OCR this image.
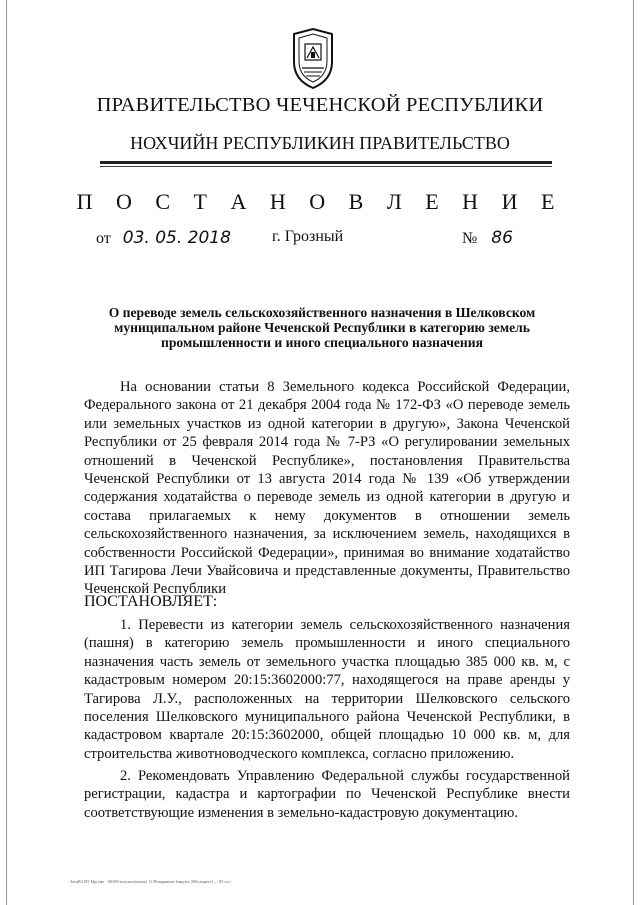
ПРАВИТЕЛЬСТВО ЧЕЧЕНСКОЙ РЕСПУБЛИКИ
НОХЧИЙН РЕСПУБЛИКИН ПРАВИТЕЛЬСТВО
П О С Т А Н О В Л Е Н И Е
от 03. 05. 2018	г. Грозный	№ 86
О переводе земель сельскохозяйственного назначения в Шелковском муниципальном районе Чеченской Республики в категорию земель промышленности и иного специального назначения

На основании статьи 8 Земельного кодекса Российской Федерации, Федерального закона от 21 декабря 2004 года № 172-ФЗ «О переводе земель или земельных участков из одной категории в другую», Закона Чеченской Республики от 25 февраля 2014 года № 7-РЗ «О регулировании земельных отношений в Чеченской Республике», постановления Правительства Чеченской Республики от 13 августа 2014 года № 139 «Об утверждении содержания ходатайства о переводе земель из одной категории в другую и состава прилагаемых к нему документов в отношении земель сельскохозяйственного назначения, за исключением земель, находящихся в собственности Российской Федерации», принимая во внимание ходатайство ИП Тагирова Лечи Увайсовича и представленные документы, Правительство Чеченской Республики

ПОСТАНОВЛЯЕТ:

1. Перевести из категории земель сельскохозяйственного назначения (пашня) в категорию земель промышленности и иного специального назначения часть земель от земельного участка площадью 385 000 кв. м, с кадастровым номером 20:15:3602000:77, находящегося на праве аренды у Тагирова Л.У., расположенных на территории Шелковского сельского поселения Шелковского муниципального района Чеченской Республики, в кадастровом квартале 20:15:3602000, общей площадью 10 000 кв. м, для строительства животноводческого комплекса, согласно приложению.

2. Рекомендовать Управлению Федеральной службы государственной регистрации, кадастра и картографии по Чеченской Республике внести соответствующие изменения в земельно-кадастровую документацию.

ЗатиВ4 НТ Ырґуме - 00300/ґалулин)мґаен2 11/Пошряноне Ізваріть [Мб-амрете] — 85 сч.ґ
